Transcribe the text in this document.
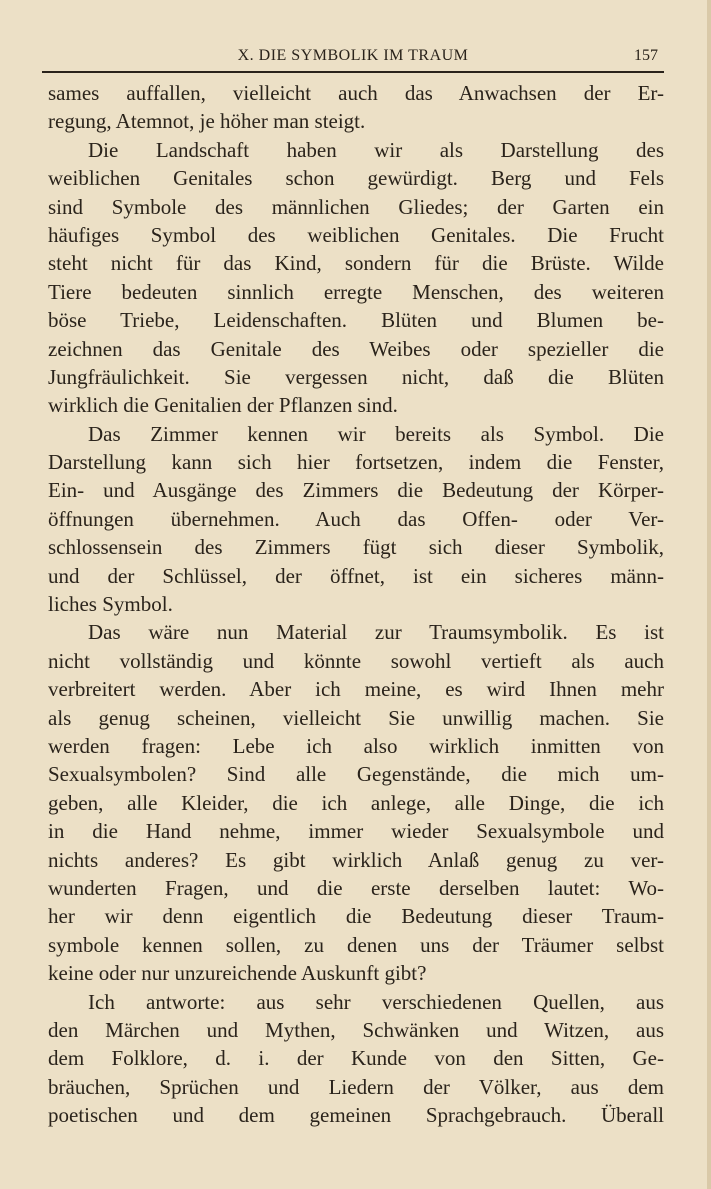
X. DIE SYMBOLIK IM TRAUM	157
sames auffallen, vielleicht auch das Anwachsen der Er-
regung, Atemnot, je höher man steigt.
Die Landschaft haben wir als Darstellung des
weiblichen Genitales schon gewürdigt. Berg und Fels
sind Symbole des männlichen Gliedes; der Garten ein
häufiges Symbol des weiblichen Genitales. Die Frucht
steht nicht für das Kind, sondern für die Brüste. Wilde
Tiere bedeuten sinnlich erregte Menschen, des weiteren
böse Triebe, Leidenschaften. Blüten und Blumen be-
zeichnen das Genitale des Weibes oder spezieller die
Jungfräulichkeit. Sie vergessen nicht, daß die Blüten
wirklich die Genitalien der Pflanzen sind.
Das Zimmer kennen wir bereits als Symbol. Die
Darstellung kann sich hier fortsetzen, indem die Fenster,
Ein- und Ausgänge des Zimmers die Bedeutung der Körper-
öffnungen übernehmen. Auch das Offen- oder Ver-
schlossensein des Zimmers fügt sich dieser Symbolik,
und der Schlüssel, der öffnet, ist ein sicheres männ-
liches Symbol.
Das wäre nun Material zur Traumsymbolik. Es ist
nicht vollständig und könnte sowohl vertieft als auch
verbreitert werden. Aber ich meine, es wird Ihnen mehr
als genug scheinen, vielleicht Sie unwillig machen. Sie
werden fragen: Lebe ich also wirklich inmitten von
Sexualsymbolen? Sind alle Gegenstände, die mich um-
geben, alle Kleider, die ich anlege, alle Dinge, die ich
in die Hand nehme, immer wieder Sexualsymbole und
nichts anderes? Es gibt wirklich Anlaß genug zu ver-
wunderten Fragen, und die erste derselben lautet: Wo-
her wir denn eigentlich die Bedeutung dieser Traum-
symbole kennen sollen, zu denen uns der Träumer selbst
keine oder nur unzureichende Auskunft gibt?
Ich antworte: aus sehr verschiedenen Quellen, aus
den Märchen und Mythen, Schwänken und Witzen, aus
dem Folklore, d. i. der Kunde von den Sitten, Ge-
bräuchen, Sprüchen und Liedern der Völker, aus dem
poetischen und dem gemeinen Sprachgebrauch. Überall
